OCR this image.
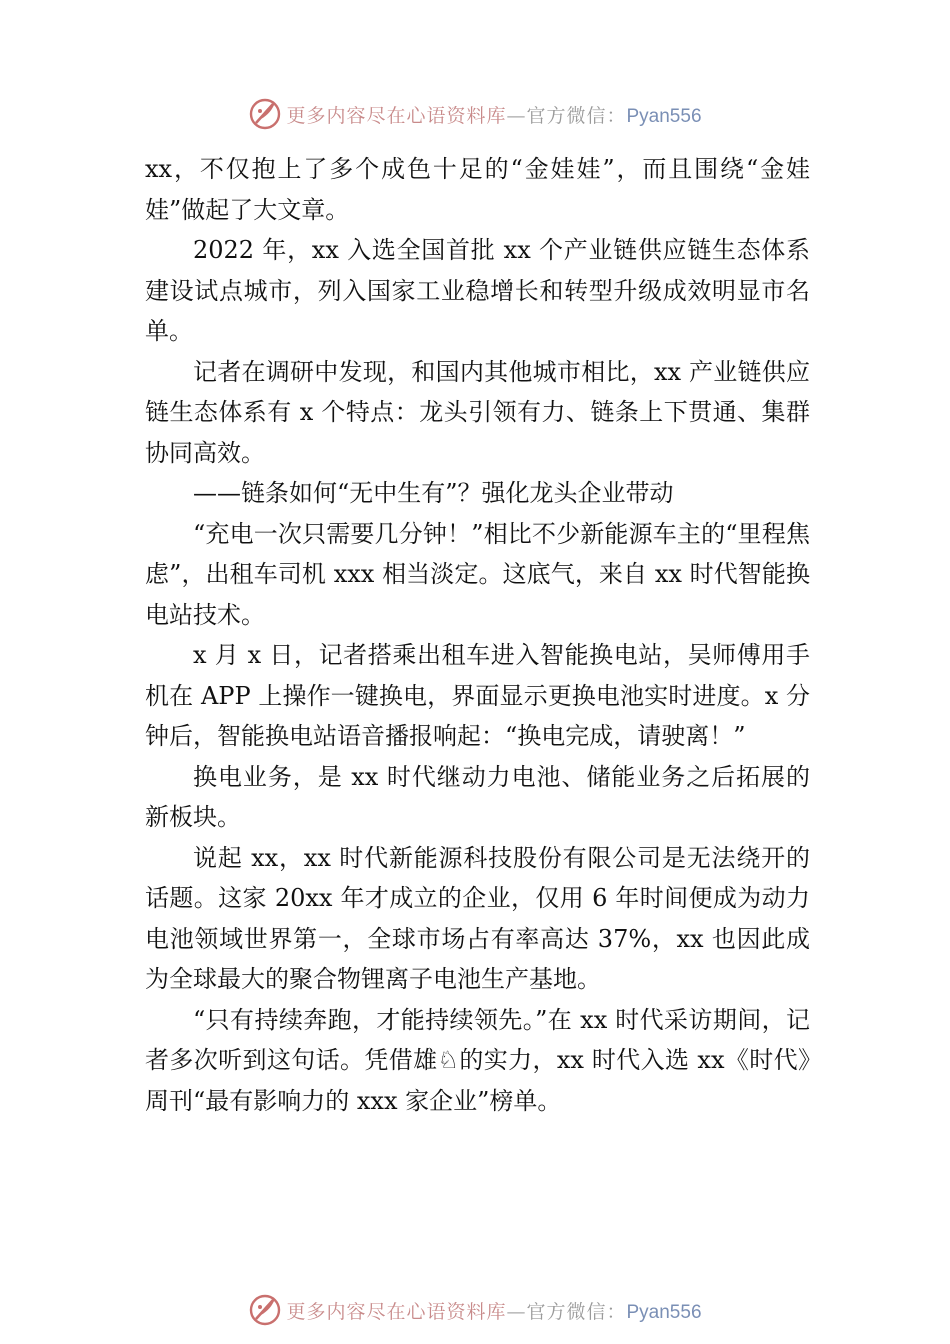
更多内容尽在心语资料库—官方微信：Pyan556

xx，不仅抱上了多个成色十足的“金娃娃”，而且围绕“金娃娃”做起了大文章。

2022 年，xx 入选全国首批 xx 个产业链供应链生态体系建设试点城市，列入国家工业稳增长和转型升级成效明显市名单。

记者在调研中发现，和国内其他城市相比，xx 产业链供应链生态体系有 x 个特点：龙头引领有力、链条上下贯通、集群协同高效。

——链条如何“无中生有”？强化龙头企业带动

“充电一次只需要几分钟！”相比不少新能源车主的“里程焦虑”，出租车司机 xxx 相当淡定。这底气，来自 xx 时代智能换电站技术。

x 月 x 日，记者搭乘出租车进入智能换电站，吴师傅用手机在 APP 上操作一键换电，界面显示更换电池实时进度。x 分钟后，智能换电站语音播报响起：“换电完成，请驶离！”

换电业务，是 xx 时代继动力电池、储能业务之后拓展的新板块。

说起 xx，xx 时代新能源科技股份有限公司是无法绕开的话题。这家 20xx 年才成立的企业，仅用 6 年时间便成为动力电池领域世界第一，全球市场占有率高达 37%，xx 也因此成为全球最大的聚合物锂离子电池生产基地。

“只有持续奔跑，才能持续领先。”在 xx 时代采访期间，记者多次听到这句话。凭借雄♘的实力，xx 时代入选 xx《时代》周刊“最有影响力的 xxx 家企业”榜单。

更多内容尽在心语资料库—官方微信：Pyan556
